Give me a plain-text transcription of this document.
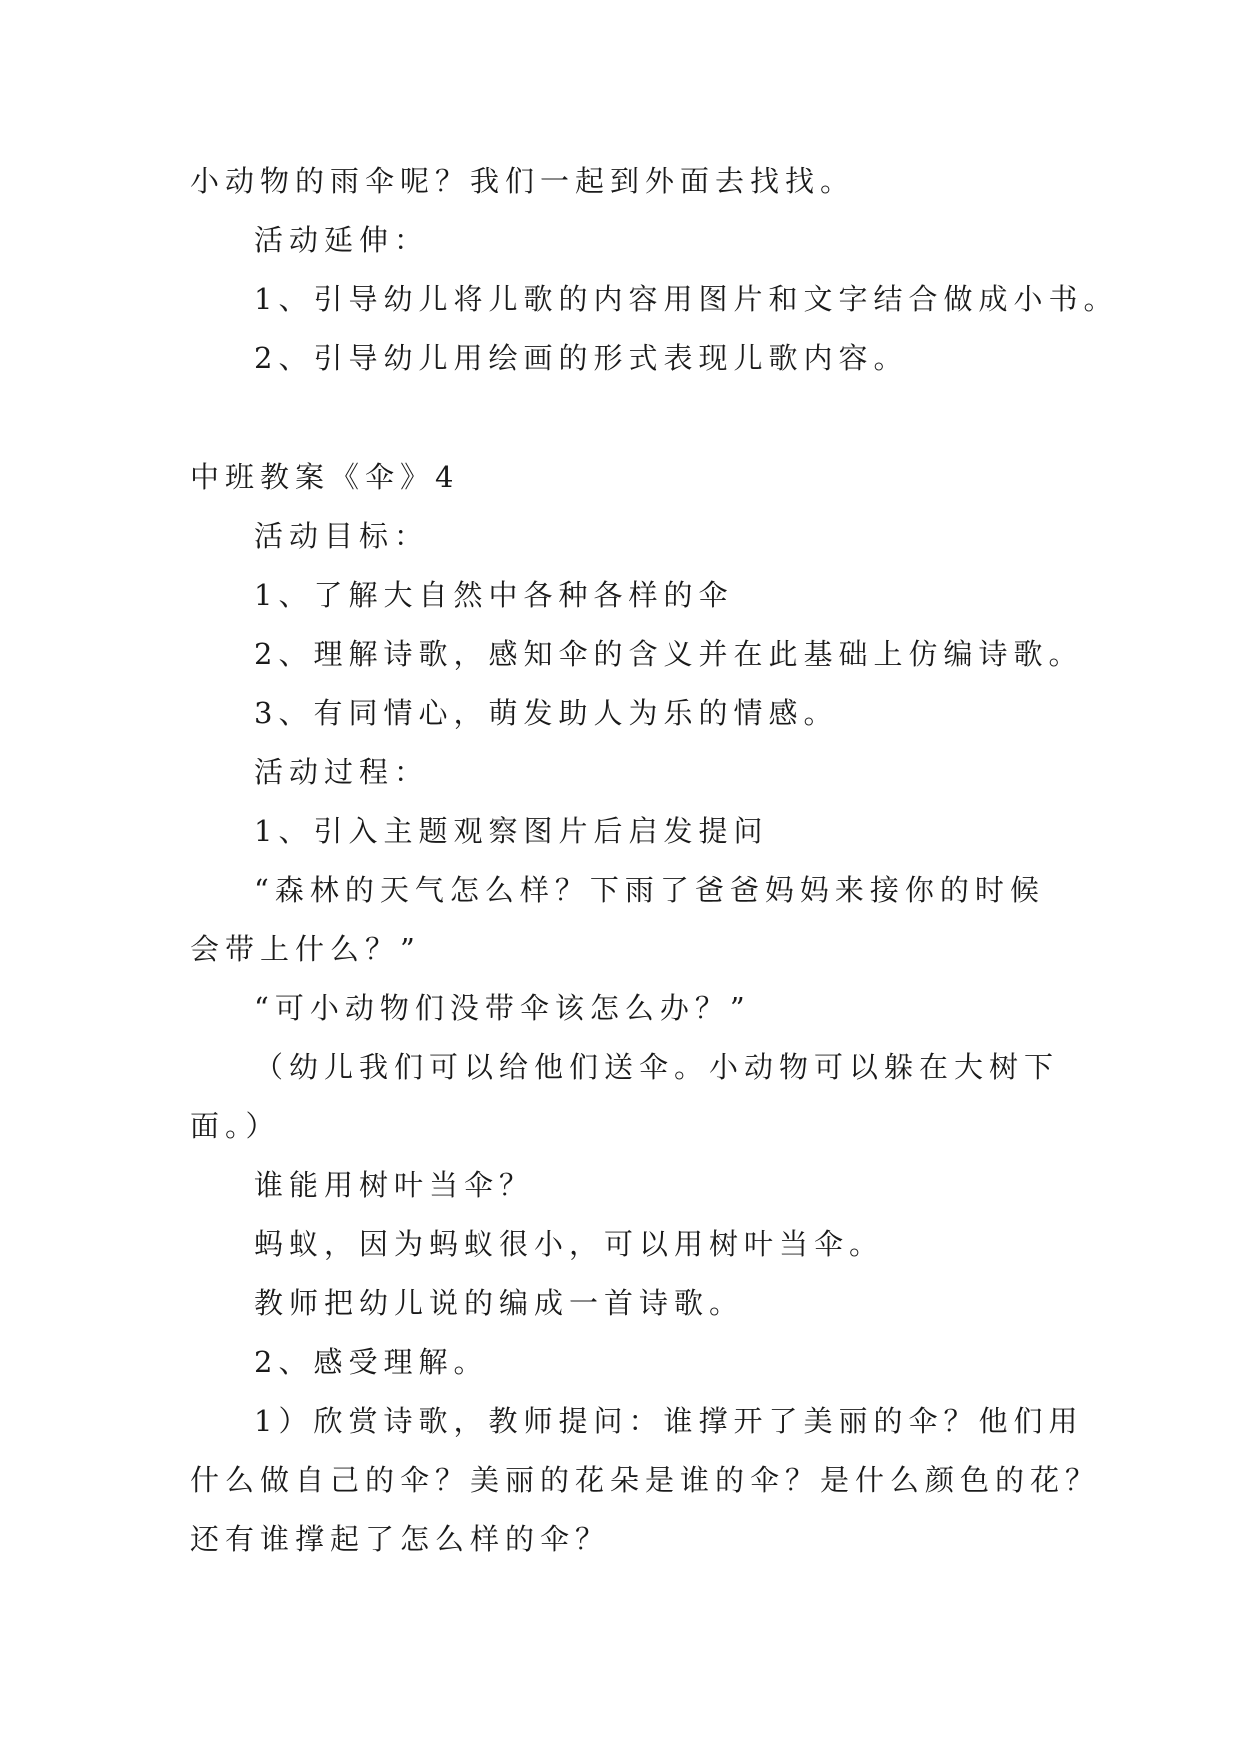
小动物的雨伞呢？我们一起到外面去找找。
活动延伸：
1、引导幼儿将儿歌的内容用图片和文字结合做成小书。
2、引导幼儿用绘画的形式表现儿歌内容。
中班教案《伞》4
活动目标：
1、了解大自然中各种各样的伞
2、理解诗歌，感知伞的含义并在此基础上仿编诗歌。
3、有同情心，萌发助人为乐的情感。
活动过程：
1、引入主题观察图片后启发提问
“森林的天气怎么样？下雨了爸爸妈妈来接你的时候
会带上什么？”
“可小动物们没带伞该怎么办？”
（幼儿我们可以给他们送伞。小动物可以躲在大树下
面。）
谁能用树叶当伞？
蚂蚁，因为蚂蚁很小，可以用树叶当伞。
教师把幼儿说的编成一首诗歌。
2、感受理解。
1）欣赏诗歌，教师提问：谁撑开了美丽的伞？他们用
什么做自己的伞？美丽的花朵是谁的伞？是什么颜色的花？
还有谁撑起了怎么样的伞？
